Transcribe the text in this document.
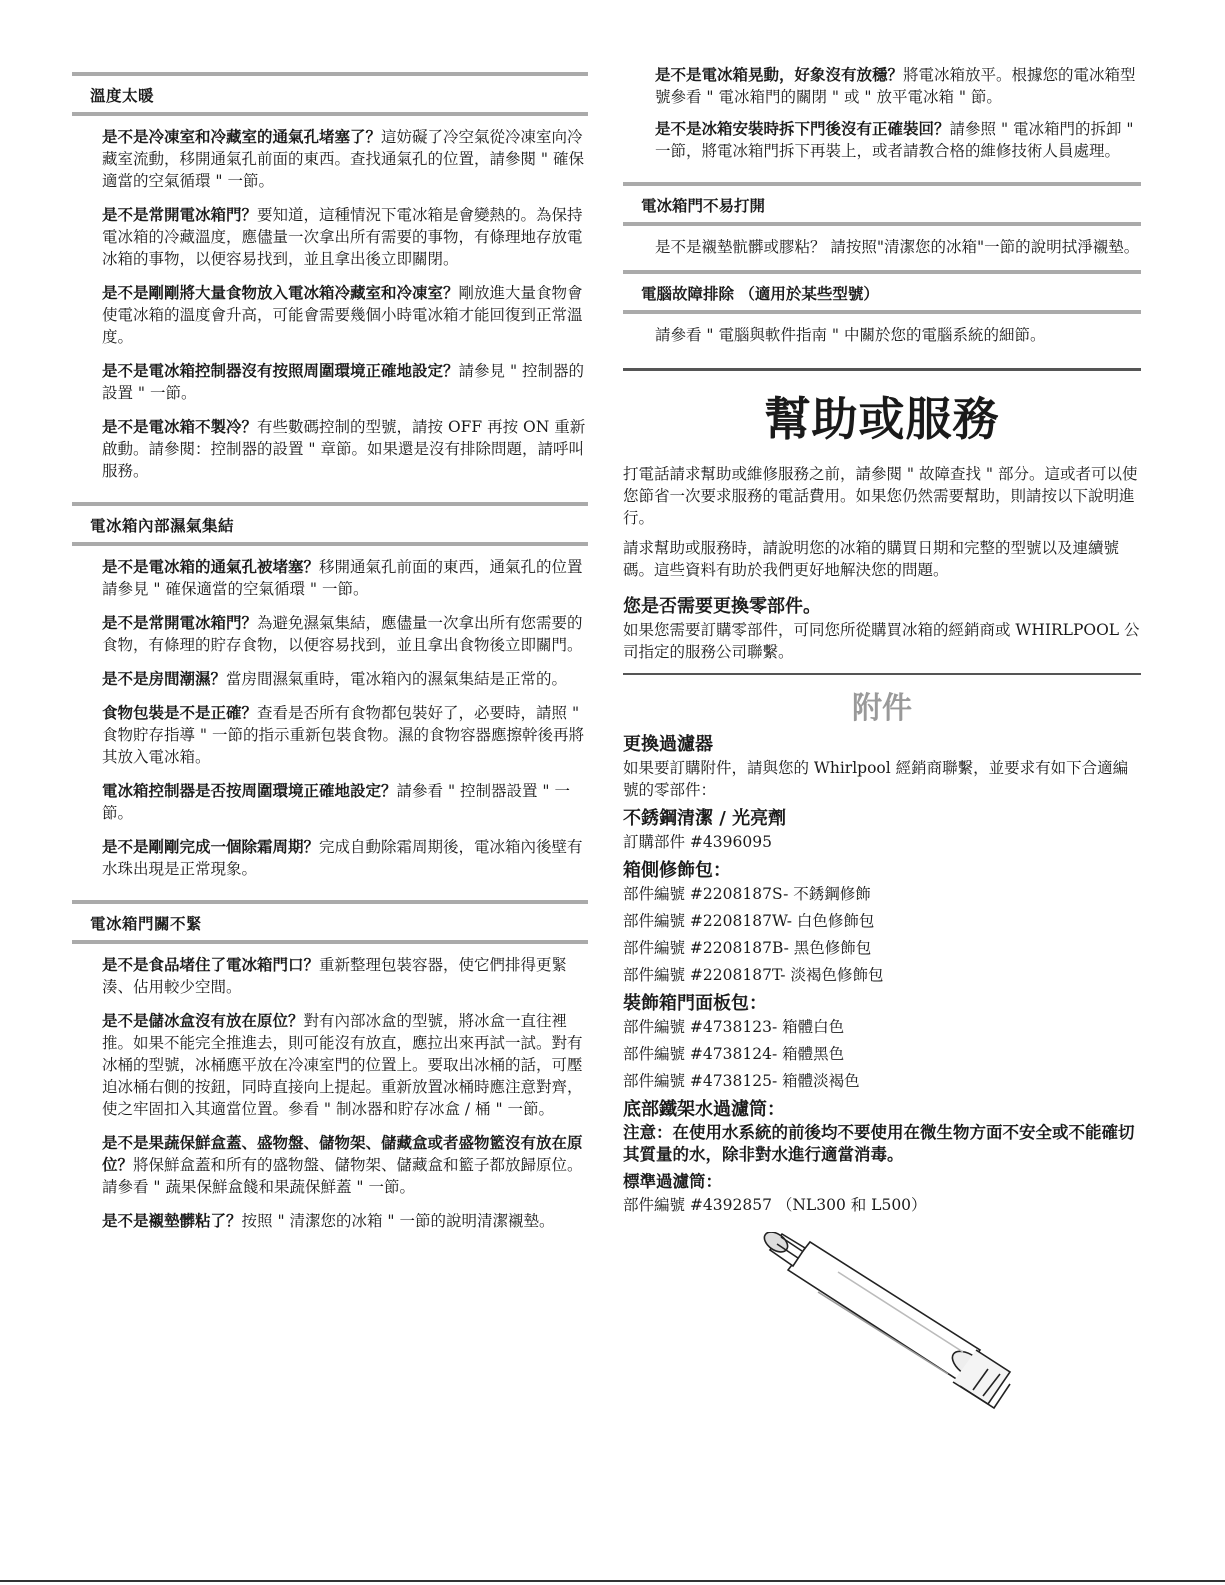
溫度太暖

是不是冷凍室和冷藏室的通氣孔堵塞了？這妨礙了冷空氣從冷凍室向冷藏室流動，移開通氣孔前面的東西。查找通氣孔的位置，請參閱 " 確保適當的空氣循環 " 一節。

是不是常開電冰箱門？要知道，這種情況下電冰箱是會變熱的。為保持電冰箱的冷藏溫度，應儘量一次拿出所有需要的事物，有條理地存放電冰箱的事物，以便容易找到，並且拿出後立即關閉。

是不是剛剛將大量食物放入電冰箱冷藏室和冷凍室？剛放進大量食物會使電冰箱的溫度會升高，可能會需要幾個小時電冰箱才能回復到正常溫度。

是不是電冰箱控制器沒有按照周圍環境正確地設定？請參見 " 控制器的設置 " 一節。

是不是電冰箱不製冷？有些數碼控制的型號，請按 OFF 再按 ON 重新啟動。請參閱：控制器的設置 " 章節。如果還是沒有排除問題，請呼叫服務。

電冰箱內部濕氣集結

是不是電冰箱的通氣孔被堵塞？移開通氣孔前面的東西，通氣孔的位置請參見 " 確保適當的空氣循環 " 一節。

是不是常開電冰箱門？為避免濕氣集結，應儘量一次拿出所有您需要的食物，有條理的貯存食物，以便容易找到，並且拿出食物後立即關門。

是不是房間潮濕？當房間濕氣重時，電冰箱內的濕氣集結是正常的。

食物包裝是不是正確？查看是否所有食物都包裝好了，必要時，請照 " 食物貯存指導 " 一節的指示重新包裝食物。濕的食物容器應擦幹後再將其放入電冰箱。

電冰箱控制器是否按周圍環境正確地設定？請參看 " 控制器設置 " 一節。

是不是剛剛完成一個除霜周期？完成自動除霜周期後，電冰箱內後壁有水珠出現是正常現象。

電冰箱門關不緊

是不是食品堵住了電冰箱門口？重新整理包裝容器，使它們排得更緊湊、佔用較少空間。

是不是儲冰盒沒有放在原位？對有內部冰盒的型號，將冰盒一直往裡推。如果不能完全推進去，則可能沒有放直，應拉出來再試一試。對有冰桶的型號，冰桶應平放在冷凍室門的位置上。要取出冰桶的話，可壓迫冰桶右側的按鈕，同時直接向上提起。重新放置冰桶時應注意對齊，使之牢固扣入其適當位置。參看 " 制冰器和貯存冰盒 / 桶 " 一節。

是不是果蔬保鮮盒蓋、盛物盤、儲物架、儲藏盒或者盛物籃沒有放在原位？將保鮮盒蓋和所有的盛物盤、儲物架、儲藏盒和籃子都放歸原位。請參看 " 蔬果保鮮盒餞和果蔬保鮮蓋 " 一節。

是不是襯墊髒粘了？按照 " 清潔您的冰箱 " 一節的說明清潔襯墊。

是不是電冰箱晃動，好象沒有放穩？將電冰箱放平。根據您的電冰箱型號參看 " 電冰箱門的關閉 " 或 " 放平電冰箱 " 節。

是不是冰箱安裝時拆下門後沒有正確裝回？請參照 " 電冰箱門的拆卸 " 一節，將電冰箱門拆下再裝上，或者請教合格的維修技術人員處理。

電冰箱門不易打開

是不是襯墊骯髒或膠粘？ 請按照"清潔您的冰箱"一節的說明拭淨襯墊。

電腦故障排除 （適用於某些型號）

請參看 " 電腦與軟件指南 " 中關於您的電腦系統的細節。

幫助或服務

打電話請求幫助或維修服務之前，請參閱 " 故障查找 " 部分。這或者可以使您節省一次要求服務的電話費用。如果您仍然需要幫助，則請按以下說明進行。

請求幫助或服務時，請說明您的冰箱的購買日期和完整的型號以及連續號碼。這些資料有助於我們更好地解決您的問題。

您是否需要更換零部件。

如果您需要訂購零部件，可同您所從購買冰箱的經銷商或 WHIRLPOOL 公司指定的服務公司聯繫。

附件

更換過濾器

如果要訂購附件，請與您的 Whirlpool 經銷商聯繫，並要求有如下合適編號的零部件：

不銹鋼清潔 / 光亮劑

訂購部件 #4396095

箱側修飾包：

部件編號 #2208187S- 不銹鋼修飾

部件編號 #2208187W- 白色修飾包

部件編號 #2208187B- 黑色修飾包

部件編號 #2208187T- 淡褐色修飾包

裝飾箱門面板包：

部件編號 #4738123- 箱體白色

部件編號 #4738124- 箱體黑色

部件編號 #4738125- 箱體淡褐色

底部鐵架水過濾筒：

注意：在使用水系統的前後均不要使用在微生物方面不安全或不能確切其質量的水，除非對水進行適當消毒。

標準過濾筒：

部件編號 #4392857 （NL300 和 L500）
